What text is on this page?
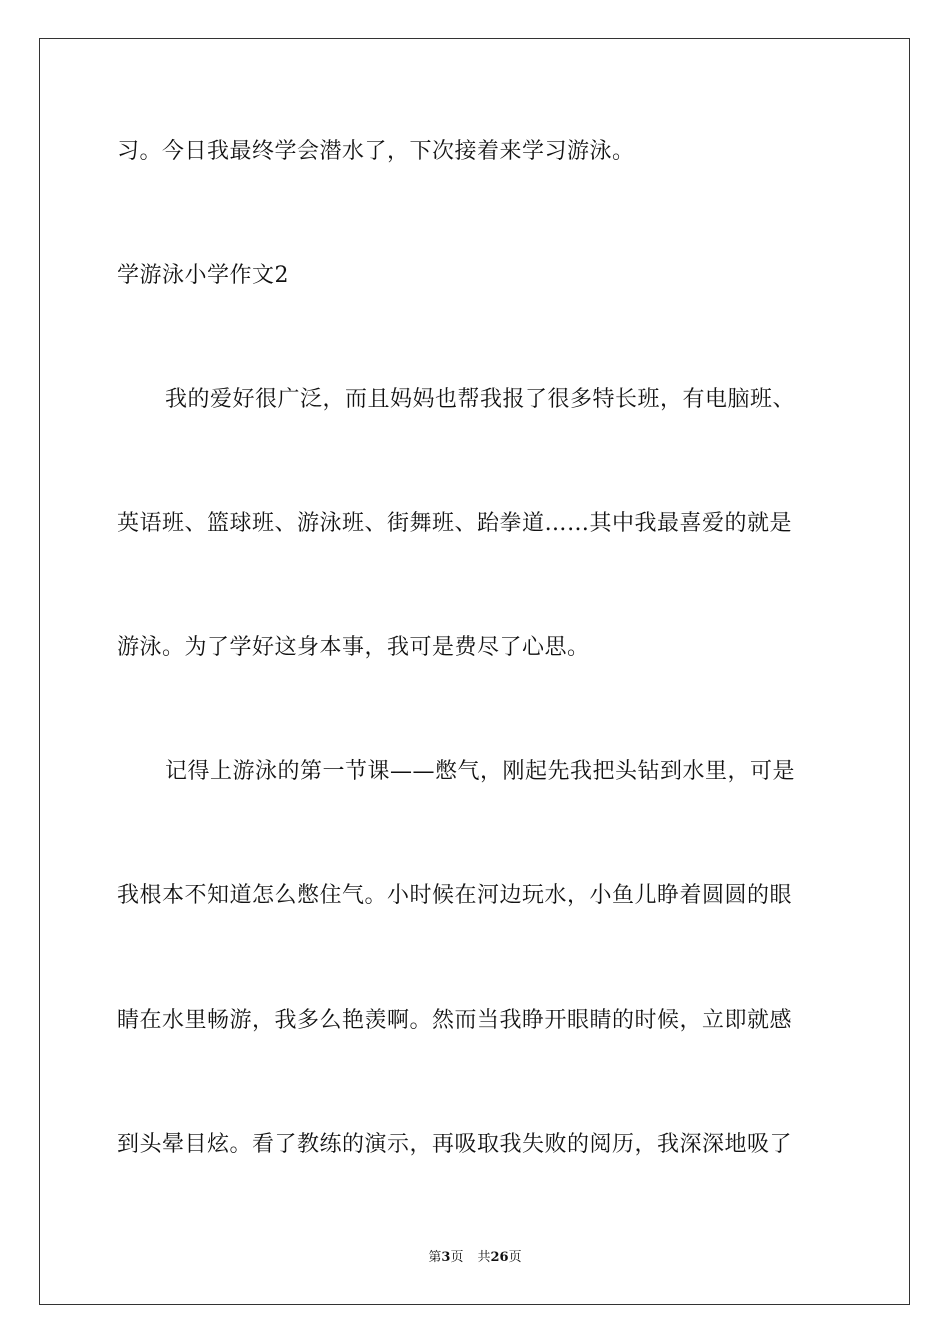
习。今日我最终学会潜水了，下次接着来学习游泳。
学游泳小学作文2
我的爱好很广泛，而且妈妈也帮我报了很多特长班，有电脑班、
英语班、篮球班、游泳班、街舞班、跆拳道……其中我最喜爱的就是
游泳。为了学好这身本事，我可是费尽了心思。
记得上游泳的第一节课——憋气，刚起先我把头钻到水里，可是
我根本不知道怎么憋住气。小时候在河边玩水，小鱼儿睁着圆圆的眼
睛在水里畅游，我多么艳羡啊。然而当我睁开眼睛的时候，立即就感
到头晕目炫。看了教练的演示，再吸取我失败的阅历，我深深地吸了
第3页 共26页
